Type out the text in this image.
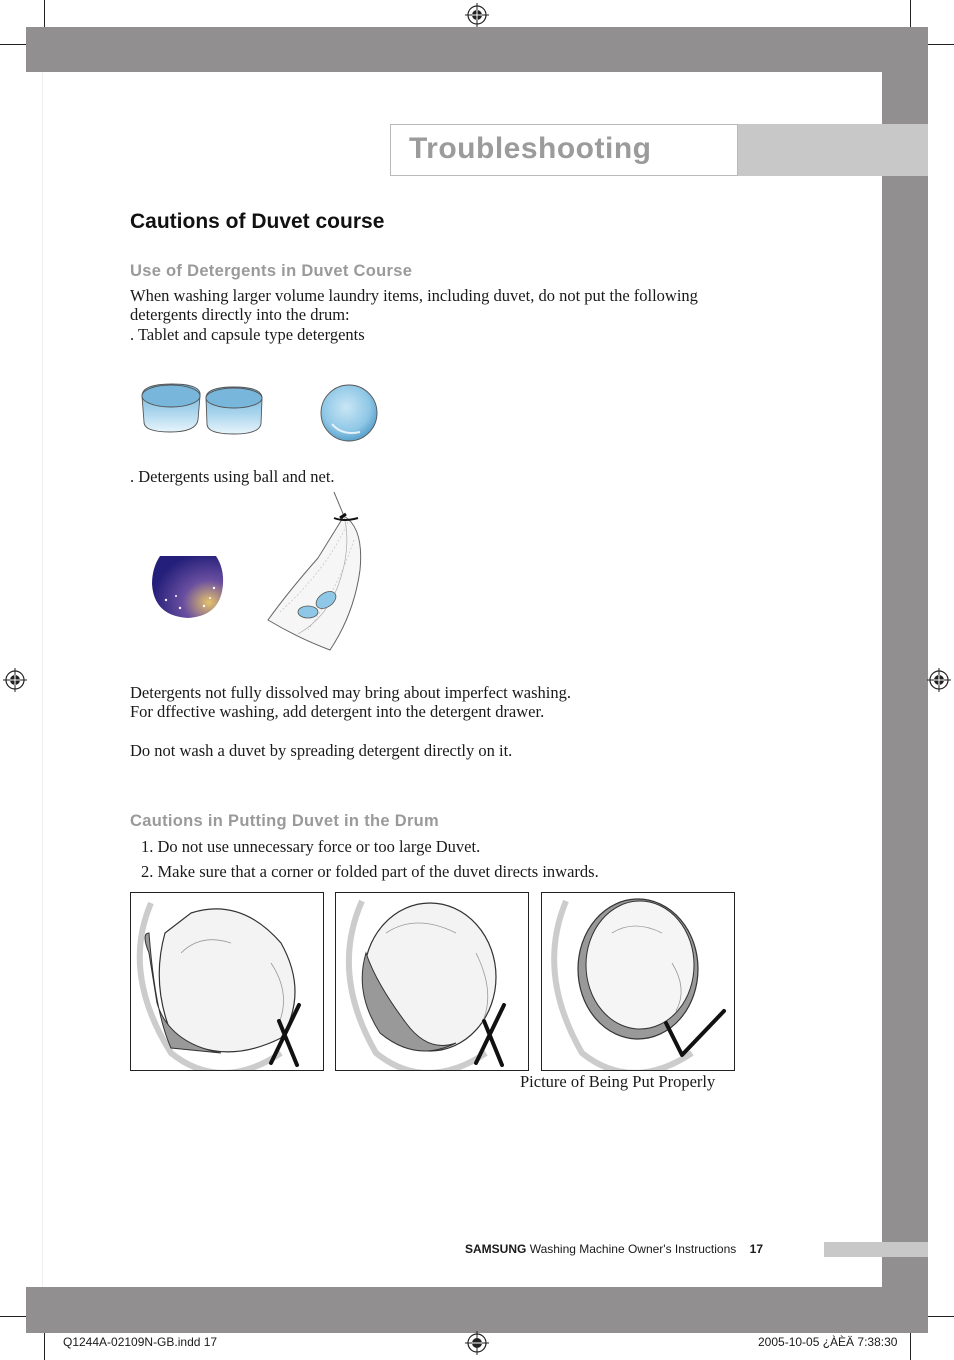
Troubleshooting
Cautions of Duvet course
Use of Detergents in Duvet Course
When washing larger volume laundry items, including duvet, do not put the following
detergents directly into the drum:
. Tablet and capsule type detergents
. Detergents using ball and net.
Detergents not fully dissolved may bring about imperfect washing.
For dffective washing, add detergent into the detergent drawer.
Do not wash a duvet by spreading detergent directly on it.
Cautions in Putting Duvet in the Drum
1. Do not use unnecessary force or too large Duvet.
2. Make sure that a corner or folded part of the duvet directs inwards.
Picture of Being Put Properly
SAMSUNG Washing Machine Owner's Instructions 17
Q1244A-02109N-GB.indd 17	2005-10-05 ¿ÀÈÄ 7:38:30
